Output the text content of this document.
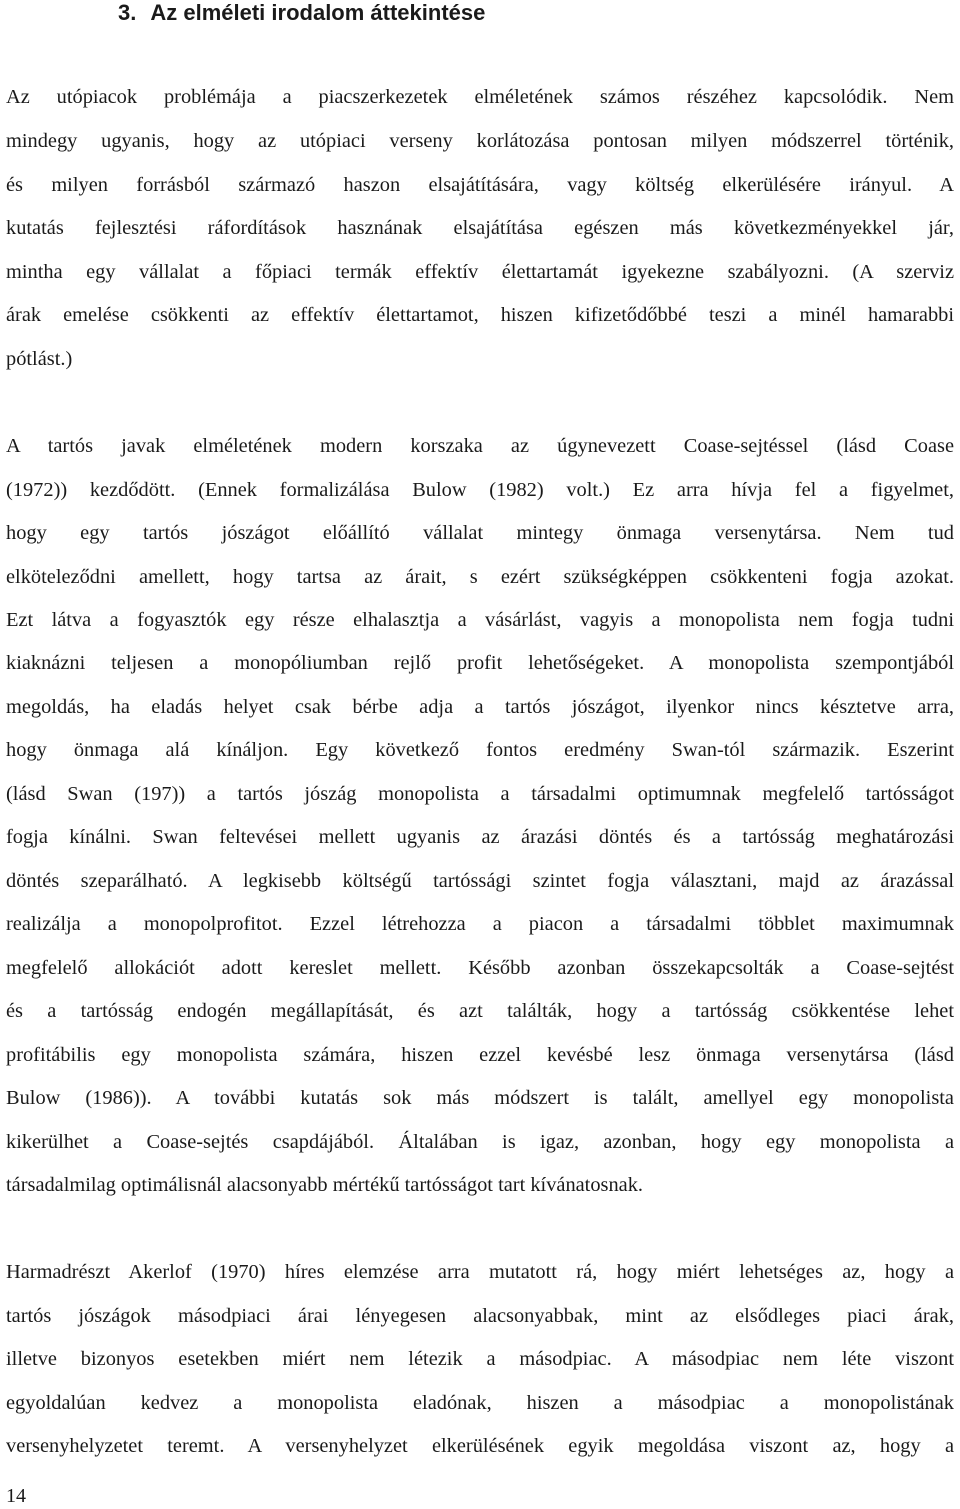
3. Az elméleti irodalom áttekintése

Az utópiacok problémája a piacszerkezetek elméletének számos részéhez kapcsolódik. Nem

mindegy ugyanis, hogy az utópiaci verseny korlátozása pontosan milyen módszerrel történik,

és milyen forrásból származó haszon elsajátítására, vagy költség elkerülésére irányul. A

kutatás fejlesztési ráfordítások hasznának elsajátítása egészen más következményekkel jár,

mintha egy vállalat a főpiaci termák effektív élettartamát igyekezne szabályozni. (A szerviz

árak emelése csökkenti az effektív élettartamot, hiszen kifizetődőbbé teszi a minél hamarabbi

pótlást.)

A tartós javak elméletének modern korszaka az úgynevezett Coase-sejtéssel (lásd Coase

(1972)) kezdődött. (Ennek formalizálása Bulow (1982) volt.) Ez arra hívja fel a figyelmet,

hogy egy tartós jószágot előállító vállalat mintegy önmaga versenytársa. Nem tud

elköteleződni amellett, hogy tartsa az árait, s ezért szükségképpen csökkenteni fogja azokat.

Ezt látva a fogyasztók egy része elhalasztja a vásárlást, vagyis a monopolista nem fogja tudni

kiaknázni teljesen a monopóliumban rejlő profit lehetőségeket. A monopolista szempontjából

megoldás, ha eladás helyet csak bérbe adja a tartós jószágot, ilyenkor nincs késztetve arra,

hogy önmaga alá kínáljon. Egy következő fontos eredmény Swan-tól származik. Eszerint

(lásd Swan (197)) a tartós jószág monopolista a társadalmi optimumnak megfelelő tartósságot

fogja kínálni. Swan feltevései mellett ugyanis az árazási döntés és a tartósság meghatározási

döntés szeparálható. A legkisebb költségű tartóssági szintet fogja választani, majd az árazással

realizálja a monopolprofitot. Ezzel létrehozza a piacon a társadalmi többlet maximumnak

megfelelő allokációt adott kereslet mellett. Később azonban összekapcsolták a Coase-sejtést

és a tartósság endogén megállapítását, és azt találták, hogy a tartósság csökkentése lehet

profitábilis egy monopolista számára, hiszen ezzel kevésbé lesz önmaga versenytársa (lásd

Bulow (1986)). A további kutatás sok más módszert is talált, amellyel egy monopolista

kikerülhet a Coase-sejtés csapdájából. Általában is igaz, azonban, hogy egy monopolista a

társadalmilag optimálisnál alacsonyabb mértékű tartósságot tart kívánatosnak.

Harmadrészt Akerlof (1970) híres elemzése arra mutatott rá, hogy miért lehetséges az, hogy a

tartós jószágok másodpiaci árai lényegesen alacsonyabbak, mint az elsődleges piaci árak,

illetve bizonyos esetekben miért nem létezik a másodpiac. A másodpiac nem léte viszont

egyoldalúan kedvez a monopolista eladónak, hiszen a másodpiac a monopolistának

versenyhelyzetet teremt. A versenyhelyzet elkerülésének egyik megoldása viszont az, hogy a

14
